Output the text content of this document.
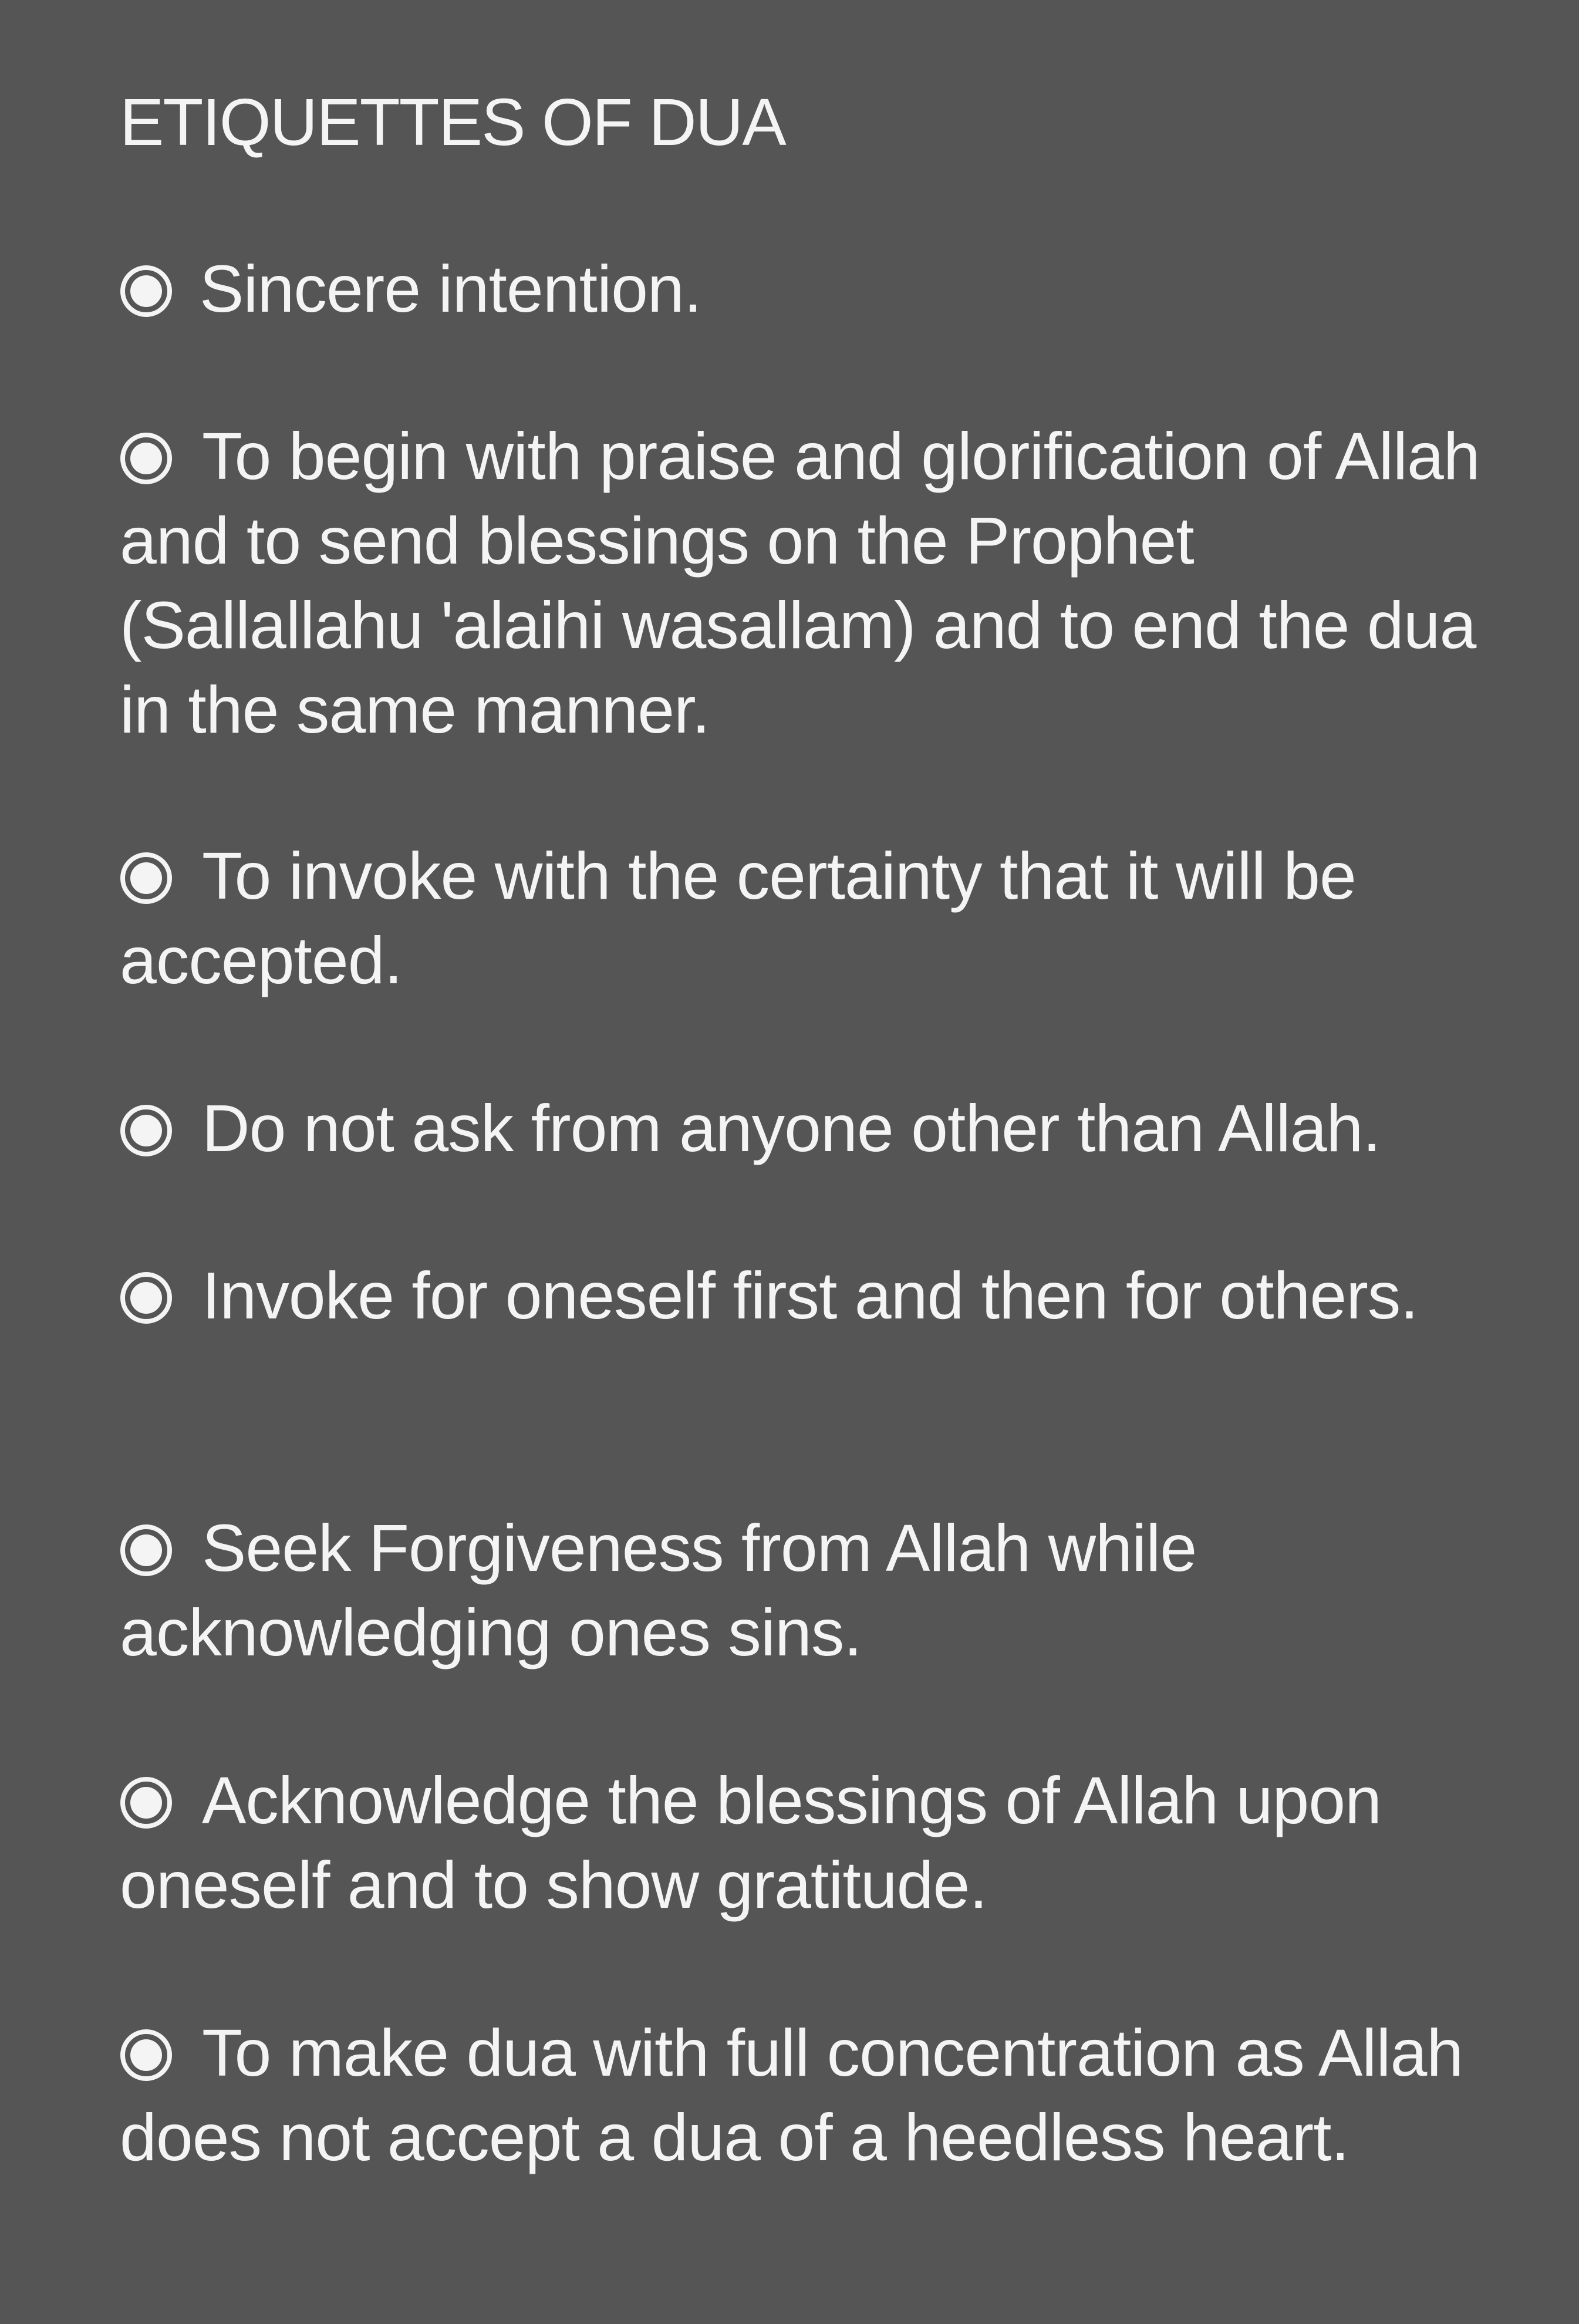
ETIQUETTES OF DUA
Sincere intention.
To begin with praise and glorification of Allah and to send blessings on the Prophet (Sallallahu 'alaihi wasallam) and to end the dua in the same manner.
To invoke with the certainty that it will be accepted.
Do not ask from anyone other than Allah.
Invoke for oneself first and then for others.
Seek Forgiveness from Allah while acknowledging ones sins.
Acknowledge the blessings of Allah upon oneself and to show gratitude.
To make dua with full concentration as Allah does not accept a dua of a heedless heart.
